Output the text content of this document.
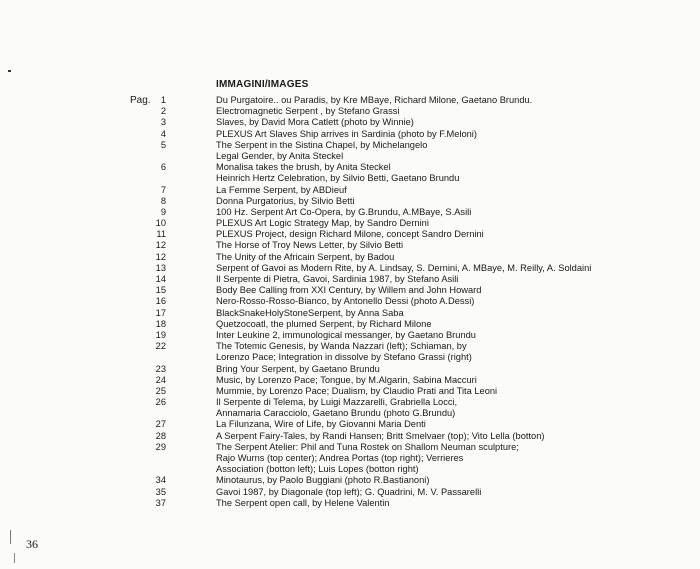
IMMAGINI/IMAGES
Pag.	1	Du Purgatoire.. ou Paradis, by Kre MBaye, Richard Milone, Gaetano Brundu.
2	Electromagnetic Serpent , by Stefano Grassi
3	Slaves, by David Mora Catlett (photo by Winnie)
4	PLEXUS Art Slaves Ship arrives in Sardinia (photo by F.Meloni)
5	The Serpent in the Sistina Chapel, by Michelangelo
Legal Gender, by Anita Steckel
6	Monalisa takes the brush, by Anita Steckel
Heinrich Hertz Celebration, by Silvio Betti, Gaetano Brundu
7	La Femme Serpent, by ABDieuf
8	Donna Purgatorius, by Silvio Betti
9	100 Hz. Serpent Art Co-Opera, by G.Brundu, A.MBaye, S.Asili
10	PLEXUS Art Logic Strategy Map, by Sandro Dernini
11	PLEXUS Project, design Richard Milone, concept Sandro Dernini
12	The Horse of Troy News Letter, by Silvio Betti
12	The Unity of the Africain Serpent, by Badou
13	Serpent of Gavoi as Modern Rite, by A. Lindsay, S. Dernini, A. MBaye, M. Reilly, A. Soldaini
14	Il Serpente di Pietra, Gavoi, Sardinia 1987, by Stefano Asili
15	Body Bee Calling from XXI Century, by Willem and John Howard
16	Nero-Rosso-Rosso-Bianco, by Antonello Dessi (photo A.Dessi)
17	BlackSnakeHolyStoneSerpent, by Anna Saba
18	Quetzocoatl, the plumed Serpent, by Richard Milone
19	Inter Leukine 2, immunological messanger, by Gaetano Brundu
22	The Totemic Genesis, by Wanda Nazzari (left); Schiaman, by
Lorenzo Pace; Integration in dissolve by Stefano Grassi (right)
23	Bring Your Serpent, by Gaetano Brundu
24	Music, by Lorenzo Pace; Tongue, by M.Algarin, Sabina Maccuri
25	Mummie, by Lorenzo Pace; Dualism, by Claudio Prati and Tita Leoni
26	Il Serpente di Telema, by Luigi Mazzarelli, Grabriella Locci,
Annamaria Caracciolo, Gaetano Brundu (photo G.Brundu)
27	La Filunzana, Wire of Life, by Giovanni Maria Denti
28	A Serpent Fairy-Tales, by Randi Hansen; Britt Smelvaer (top); Vito Lella (botton)
29	The Serpent Atelier: Phil and Tuna Rostek on Shallom Neuman sculpture;
Rajo Wurns (top center); Andrea Portas (top right); Verrieres
Association (botton left); Luis Lopes (botton right)
34	Minotaurus, by Paolo Buggiani (photo R.Bastianoni)
35	Gavoi 1987, by Diagonale (top left); G. Quadrini, M. V. Passarelli
37	The Serpent open call, by Helene Valentin
36
